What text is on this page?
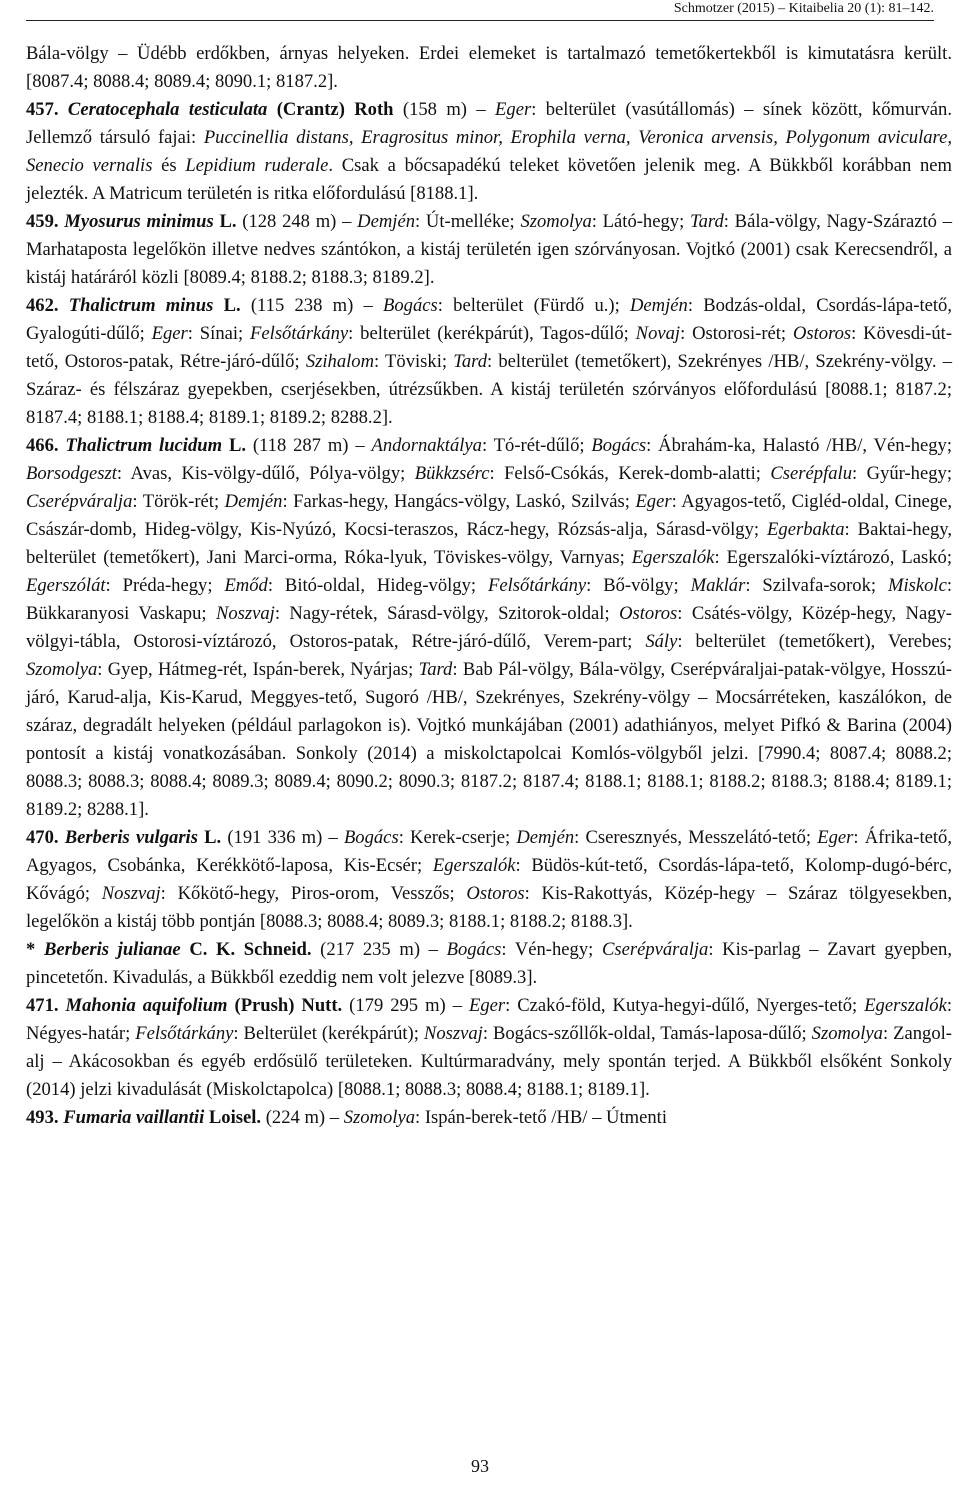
Schmotzer (2015) – Kitaibelia 20 (1): 81–142.

Bála-völgy – Üdébb erdőkben, árnyas helyeken. Erdei elemeket is tartalmazó temetőkertekből is kimutatásra került. [8087.4; 8088.4; 8089.4; 8090.1; 8187.2].

457. Ceratocephala testiculata (Crantz) Roth (158 m) – Eger: belterület (vasútállomás) – sínek között, kőmurván. Jellemző társuló fajai: Puccinellia distans, Eragrositus minor, Erophila verna, Veronica arvensis, Polygonum aviculare, Senecio vernalis és Lepidium ruderale. Csak a bőcsapadékú teleket követően jelenik meg. A Bükkből korábban nem jelezték. A Matricum területén is ritka előfordulású [8188.1].

459. Myosurus minimus L. (128 248 m) – Demjén: Út-melléke; Szomolya: Látó-hegy; Tard: Bála-völgy, Nagy-Száraztó – Marhataposta legelőkön illetve nedves szántókon, a kistáj területén igen szórványosan. Vojtkó (2001) csak Kerecsendről, a kistáj határáról közli [8089.4; 8188.2; 8188.3; 8189.2].

462. Thalictrum minus L. (115 238 m) – Bogács: belterület (Fürdő u.); Demjén: Bodzás-oldal, Csordás-lápa-tető, Gyalogúti-dűlő; Eger: Sínai; Felsőtárkány: belterület (kerékpárút), Tagos-dűlő; Novaj: Ostorosi-rét; Ostoros: Kövesdi-út-tető, Ostoros-patak, Rétre-járó-dűlő; Szihalom: Töviski; Tard: belterület (temetőkert), Szekrényes /HB/, Szekrény-völgy. – Száraz- és félszáraz gyepekben, cserjésekben, útrézsűkben. A kistáj területén szórványos előfordulású [8088.1; 8187.2; 8187.4; 8188.1; 8188.4; 8189.1; 8189.2; 8288.2].

466. Thalictrum lucidum L. (118 287 m) – Andornaktálya: Tó-rét-dűlő; Bogács: Ábrahám-ka, Halastó /HB/, Vén-hegy; Borsodgeszt: Avas, Kis-völgy-dűlő, Pólya-völgy; Bükkzsérc: Felső-Csókás, Kerek-domb-alatti; Cserépfalu: Gyűr-hegy; Cserépváralja: Török-rét; Demjén: Farkas-hegy, Hangács-völgy, Laskó, Szilvás; Eger: Agyagos-tető, Cigléd-oldal, Cinege, Császár-domb, Hideg-völgy, Kis-Nyúzó, Kocsi-teraszos, Rácz-hegy, Rózsás-alja, Sárasd-völgy; Egerbakta: Baktai-hegy, belterület (temetőkert), Jani Marci-orma, Róka-lyuk, Töviskes-völgy, Varnyas; Egerszalók: Egerszalóki-víztározó, Laskó; Egerszólát: Préda-hegy; Emőd: Bitó-oldal, Hideg-völgy; Felsőtárkány: Bő-völgy; Maklár: Szilvafa-sorok; Miskolc: Bükkaranyosi Vaskapu; Noszvaj: Nagy-rétek, Sárasd-völgy, Szitorok-oldal; Ostoros: Csátés-völgy, Közép-hegy, Nagy-völgyi-tábla, Ostorosi-víztározó, Ostoros-patak, Rétre-járó-dűlő, Verem-part; Sály: belterület (temetőkert), Verebes; Szomolya: Gyep, Hátmeg-rét, Ispán-berek, Nyárjas; Tard: Bab Pál-völgy, Bála-völgy, Cserépváraljai-patak-völgye, Hosszú-járó, Karud-alja, Kis-Karud, Meggyes-tető, Sugoró /HB/, Szekrényes, Szekrény-völgy – Mocsárréteken, kaszálókon, de száraz, degradált helyeken (például parlagokon is). Vojtkó munkájában (2001) adathiányos, melyet Pifkó & Barina (2004) pontosít a kistáj vonatkozásában. Sonkoly (2014) a miskolctapolcai Komlós-völgyből jelzi. [7990.4; 8087.4; 8088.2; 8088.3; 8088.3; 8088.4; 8089.3; 8089.4; 8090.2; 8090.3; 8187.2; 8187.4; 8188.1; 8188.1; 8188.2; 8188.3; 8188.4; 8189.1; 8189.2; 8288.1].

470. Berberis vulgaris L. (191 336 m) – Bogács: Kerek-cserje; Demjén: Cseresznyés, Messzelátó-tető; Eger: Áfrika-tető, Agyagos, Csobánka, Kerékkötő-laposa, Kis-Ecsér; Egerszalók: Büdös-kút-tető, Csordás-lápa-tető, Kolomp-dugó-bérc, Kővágó; Noszvaj: Kőkötő-hegy, Piros-orom, Vesszős; Ostoros: Kis-Rakottyás, Közép-hegy – Száraz tölgyesekben, legelőkön a kistáj több pontján [8088.3; 8088.4; 8089.3; 8188.1; 8188.2; 8188.3].

* Berberis julianae C. K. Schneid. (217 235 m) – Bogács: Vén-hegy; Cserépváralja: Kis-parlag – Zavart gyepben, pincetetőn. Kivadulás, a Bükkből ezeddig nem volt jelezve [8089.3].

471. Mahonia aquifolium (Prush) Nutt. (179 295 m) – Eger: Czakó-föld, Kutya-hegyi-dűlő, Nyerges-tető; Egerszalók: Négyes-határ; Felsőtárkány: Belterület (kerékpárút); Noszvaj: Bogács-szőllők-oldal, Tamás-laposa-dűlő; Szomolya: Zangol-alj – Akácosokban és egyéb erdősülő területeken. Kultúrmaradvány, mely spontán terjed. A Bükkből elsőként Sonkoly (2014) jelzi kivadulását (Miskolctapolca) [8088.1; 8088.3; 8088.4; 8188.1; 8189.1].

493. Fumaria vaillantii Loisel. (224 m) – Szomolya: Ispán-berek-tető /HB/ – Útmenti

93
